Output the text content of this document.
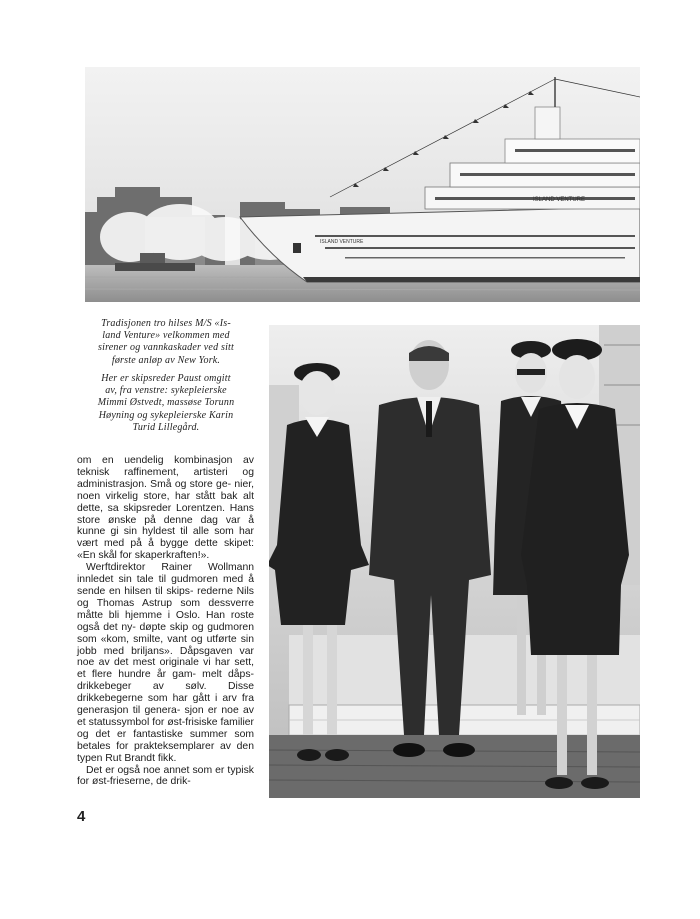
ISLAND VENTURE
ISLAND VENTURE
Tradisjonen tro hilses M/S «Is-
land Venture» velkommen med
sirener og vannkaskader ved sitt
første anløp av New York.
Her er skipsreder Paust omgitt
av, fra venstre: sykepleierske
Mimmi Østvedt, massøse Torunn
Høyning og sykepleierske Karin
Turid Lillegård.

om en uendelig kombinasjon av teknisk raffinement, artisteri og administrasjon. Små og store ge- nier, noen virkelig store, har stått bak alt dette, sa skipsreder Lorentzen. Hans store ønske på denne dag var å kunne gi sin hyldest til alle som har vært med på å bygge dette skipet: «En skål for skaperkraften!».

Werftdirektor Rainer Wollmann innledet sin tale til gudmoren med å sende en hilsen til skips- rederne Nils og Thomas Astrup som dessverre måtte bli hjemme i Oslo. Han roste også det ny- døpte skip og gudmoren som «kom, smilte, vant og utførte sin jobb med briljans». Dåpsgaven var noe av det mest originale vi har sett, et flere hundre år gam- melt dåps-drikkebeger av sølv. Disse drikkebegerne som har gått i arv fra generasjon til genera- sjon er noe av et statussymbol for øst-frisiske familier og det er fantastiske summer som betales for prakteksemplarer av den typen Rut Brandt fikk.

Det er også noe annet som er typisk for øst-frieserne, de drik-

4
